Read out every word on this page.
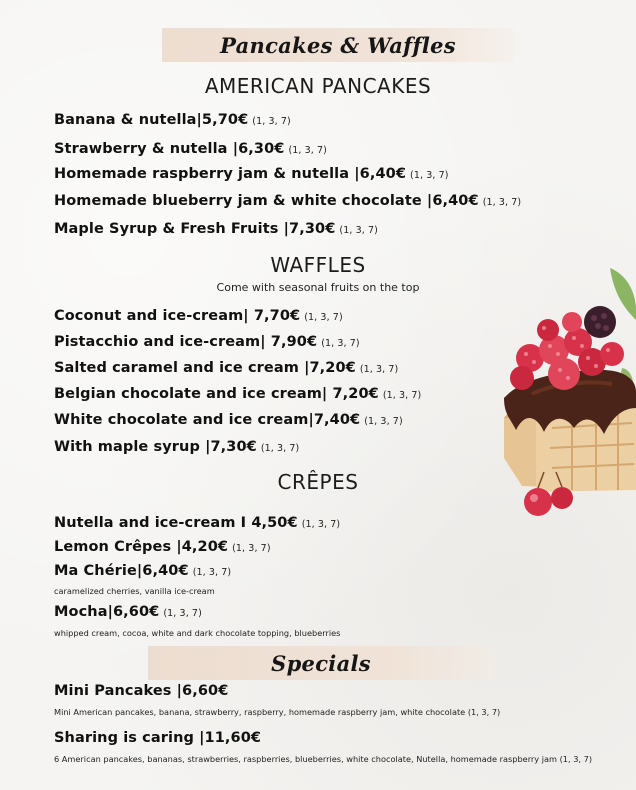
Pancakes & Waffles
AMERICAN PANCAKES
Banana & nutella|5,70€ (1, 3, 7)
Strawberry & nutella |6,30€ (1, 3, 7)
Homemade raspberry jam & nutella |6,40€ (1, 3, 7)
Homemade blueberry jam & white chocolate |6,40€ (1, 3, 7)
Maple Syrup & Fresh Fruits |7,30€ (1, 3, 7)
WAFFLES
Come with seasonal fruits on the top
Coconut and ice-cream| 7,70€ (1, 3, 7)
Pistacchio and ice-cream| 7,90€ (1, 3, 7)
Salted caramel and ice cream |7,20€ (1, 3, 7)
Belgian chocolate and ice cream| 7,20€ (1, 3, 7)
White chocolate and ice cream|7,40€ (1, 3, 7)
With maple syrup |7,30€ (1, 3, 7)
CRÊPES
Nutella and ice-cream I 4,50€ (1, 3, 7)
Lemon Crêpes |4,20€ (1, 3, 7)
Ma Chérie|6,40€ (1, 3, 7)
caramelized cherries, vanilla ice-cream
Mocha|6,60€ (1, 3, 7)
whipped cream, cocoa, white and dark chocolate topping, blueberries
Specials
Mini Pancakes |6,60€
Mini American pancakes, banana, strawberry, raspberry, homemade raspberry jam, white chocolate (1, 3, 7)
Sharing is caring |11,60€
6 American pancakes, bananas, strawberries, raspberries, blueberries, white chocolate, Nutella, homemade raspberry jam (1, 3, 7)
